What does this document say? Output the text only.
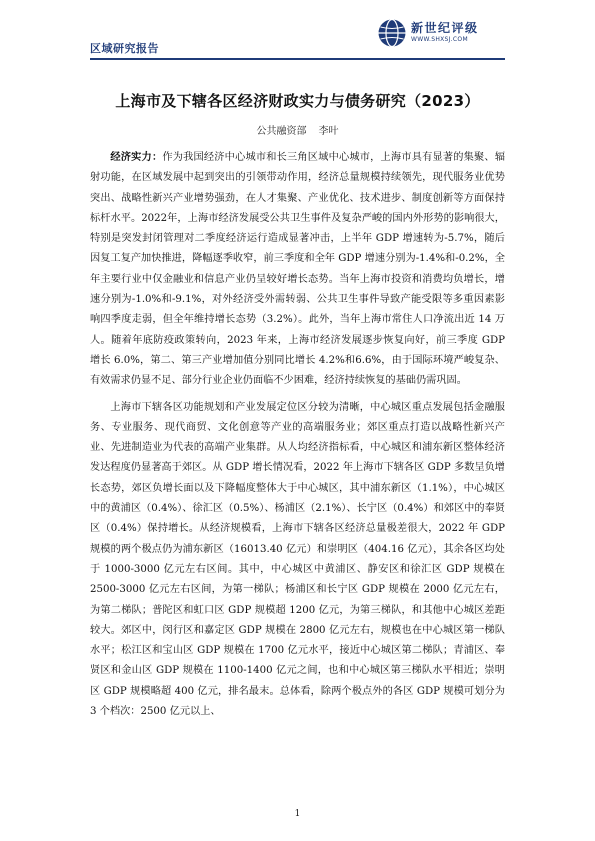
区域研究报告
新世纪评级
WWW.SHXSJ.COM
上海市及下辖各区经济财政实力与债务研究（2023）
公共融资部 李叶

经济实力：作为我国经济中心城市和长三角区域中心城市，上海市具有显著的集聚、辐射功能，在区域发展中起到突出的引领带动作用，经济总量规模持续领先，现代服务业优势突出、战略性新兴产业增势强劲，在人才集聚、产业优化、技术进步、制度创新等方面保持标杆水平。2022年，上海市经济发展受公共卫生事件及复杂严峻的国内外形势的影响很大，特别是突发封闭管理对二季度经济运行造成显著冲击，上半年 GDP 增速转为-5.7%，随后因复工复产加快推进，降幅逐季收窄，前三季度和全年 GDP 增速分别为-1.4%和-0.2%，全年主要行业中仅金融业和信息产业仍呈较好增长态势。当年上海市投资和消费均负增长，增速分别为-1.0%和-9.1%，对外经济受外需转弱、公共卫生事件导致产能受限等多重因素影响四季度走弱，但全年维持增长态势（3.2%）。此外，当年上海市常住人口净流出近 14 万人。随着年底防疫政策转向，2023 年来，上海市经济发展逐步恢复向好，前三季度 GDP 增长 6.0%，第二、第三产业增加值分别同比增长 4.2%和6.6%，由于国际环境严峻复杂、有效需求仍显不足、部分行业企业仍面临不少困难，经济持续恢复的基础仍需巩固。

上海市下辖各区功能规划和产业发展定位区分较为清晰，中心城区重点发展包括金融服务、专业服务、现代商贸、文化创意等产业的高端服务业；郊区重点打造以战略性新兴产业、先进制造业为代表的高端产业集群。从人均经济指标看，中心城区和浦东新区整体经济发达程度仍显著高于郊区。从 GDP 增长情况看，2022 年上海市下辖各区 GDP 多数呈负增长态势，郊区负增长面以及下降幅度整体大于中心城区，其中浦东新区（1.1%），中心城区中的黄浦区（0.4%）、徐汇区（0.5%）、杨浦区（2.1%）、长宁区（0.4%）和郊区中的奉贤区（0.4%）保持增长。从经济规模看，上海市下辖各区经济总量极差很大，2022 年 GDP 规模的两个极点仍为浦东新区（16013.40 亿元）和崇明区（404.16 亿元），其余各区均处于 1000-3000 亿元左右区间。其中，中心城区中黄浦区、静安区和徐汇区 GDP 规模在2500-3000 亿元左右区间，为第一梯队；杨浦区和长宁区 GDP 规模在 2000 亿元左右，为第二梯队；普陀区和虹口区 GDP 规模超 1200 亿元，为第三梯队，和其他中心城区差距较大。郊区中，闵行区和嘉定区 GDP 规模在 2800 亿元左右，规模也在中心城区第一梯队水平；松江区和宝山区 GDP 规模在 1700 亿元水平，接近中心城区第二梯队；青浦区、奉贤区和金山区 GDP 规模在 1100-1400 亿元之间，也和中心城区第三梯队水平相近；崇明区 GDP 规模略超 400 亿元，排名最末。总体看，除两个极点外的各区 GDP 规模可划分为 3 个档次：2500 亿元以上、

1
